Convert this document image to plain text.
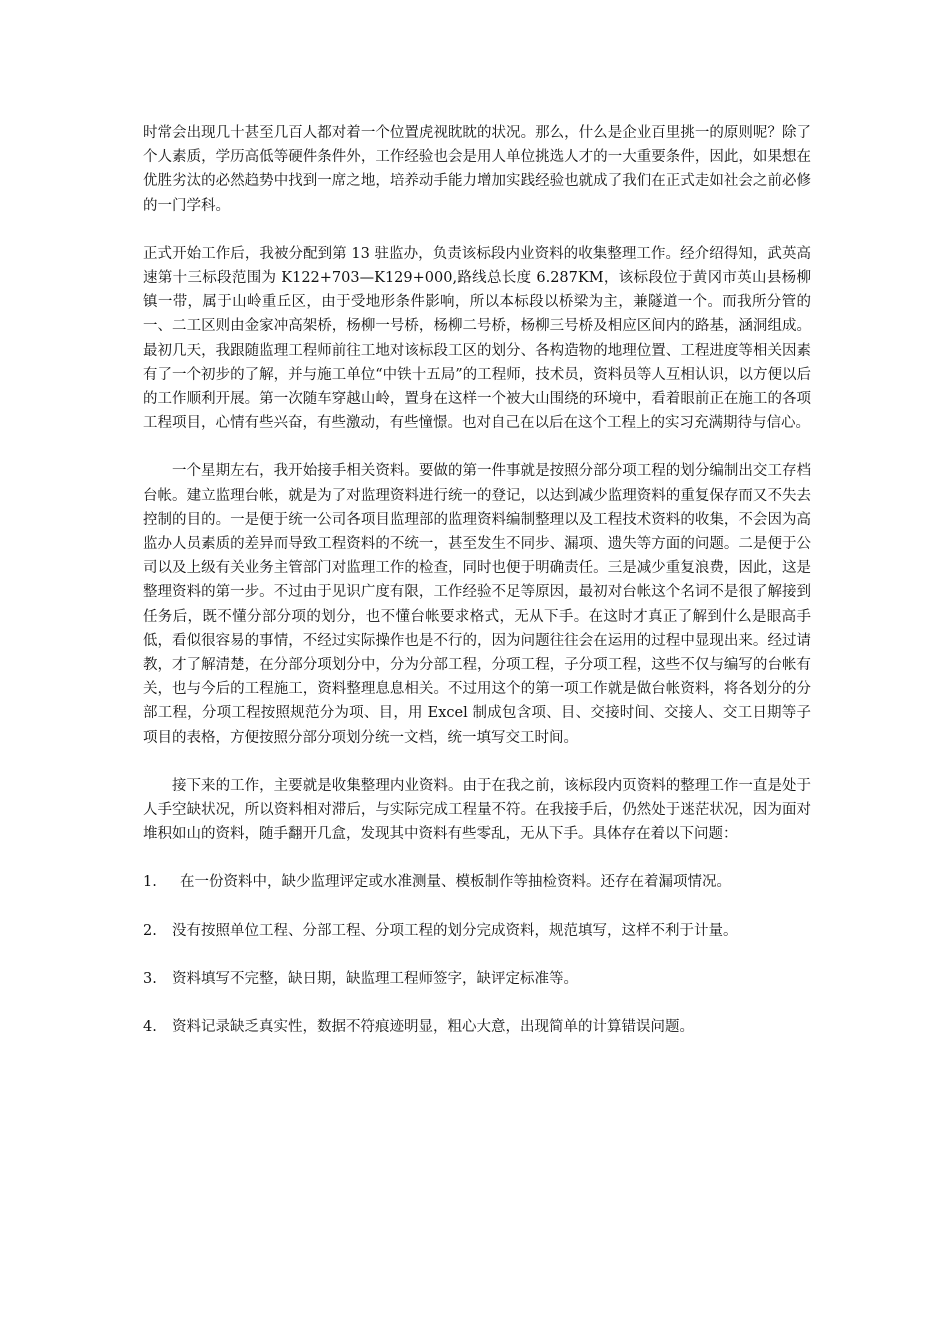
时常会出现几十甚至几百人都对着一个位置虎视眈眈的状况。那么，什么是企业百里挑一的原则呢？除了个人素质，学历高低等硬件条件外，工作经验也会是用人单位挑选人才的一大重要条件，因此，如果想在优胜劣汰的必然趋势中找到一席之地，培养动手能力增加实践经验也就成了我们在正式走如社会之前必修的一门学科。

正式开始工作后，我被分配到第 13 驻监办，负责该标段内业资料的收集整理工作。经介绍得知，武英高速第十三标段范围为 K122+703—K129+000,路线总长度 6.287KM，该标段位于黄冈市英山县杨柳镇一带，属于山岭重丘区，由于受地形条件影响，所以本标段以桥梁为主，兼隧道一个。而我所分管的一、二工区则由金家冲高架桥，杨柳一号桥，杨柳二号桥，杨柳三号桥及相应区间内的路基，涵洞组成。最初几天，我跟随监理工程师前往工地对该标段工区的划分、各构造物的地理位置、工程进度等相关因素有了一个初步的了解，并与施工单位“中铁十五局”的工程师，技术员，资料员等人互相认识，以方便以后的工作顺利开展。第一次随车穿越山岭，置身在这样一个被大山围绕的环境中，看着眼前正在施工的各项工程项目，心情有些兴奋，有些激动，有些憧憬。也对自己在以后在这个工程上的实习充满期待与信心。

一个星期左右，我开始接手相关资料。要做的第一件事就是按照分部分项工程的划分编制出交工存档台帐。建立监理台帐，就是为了对监理资料进行统一的登记，以达到减少监理资料的重复保存而又不失去控制的目的。一是便于统一公司各项目监理部的监理资料编制整理以及工程技术资料的收集，不会因为高监办人员素质的差异而导致工程资料的不统一，甚至发生不同步、漏项、遗失等方面的问题。二是便于公司以及上级有关业务主管部门对监理工作的检查，同时也便于明确责任。三是减少重复浪费，因此，这是整理资料的第一步。不过由于见识广度有限，工作经验不足等原因，最初对台帐这个名词不是很了解接到任务后，既不懂分部分项的划分，也不懂台帐要求格式，无从下手。在这时才真正了解到什么是眼高手低，看似很容易的事情，不经过实际操作也是不行的，因为问题往往会在运用的过程中显现出来。经过请教，才了解清楚，在分部分项划分中，分为分部工程，分项工程，子分项工程，这些不仅与编写的台帐有关，也与今后的工程施工，资料整理息息相关。不过用这个的第一项工作就是做台帐资料，将各划分的分部工程，分项工程按照规范分为项、目，用 Excel 制成包含项、目、交接时间、交接人、交工日期等子项目的表格，方便按照分部分项划分统一文档，统一填写交工时间。

接下来的工作，主要就是收集整理内业资料。由于在我之前，该标段内页资料的整理工作一直是处于人手空缺状况，所以资料相对滞后，与实际完成工程量不符。在我接手后，仍然处于迷茫状况，因为面对堆积如山的资料，随手翻开几盒，发现其中资料有些零乱，无从下手。具体存在着以下问题：

1. 在一份资料中，缺少监理评定或水准测量、模板制作等抽检资料。还存在着漏项情况。
2. 没有按照单位工程、分部工程、分项工程的划分完成资料，规范填写，这样不利于计量。
3. 资料填写不完整，缺日期，缺监理工程师签字，缺评定标准等。
4. 资料记录缺乏真实性，数据不符痕迹明显，粗心大意，出现简单的计算错误问题。
